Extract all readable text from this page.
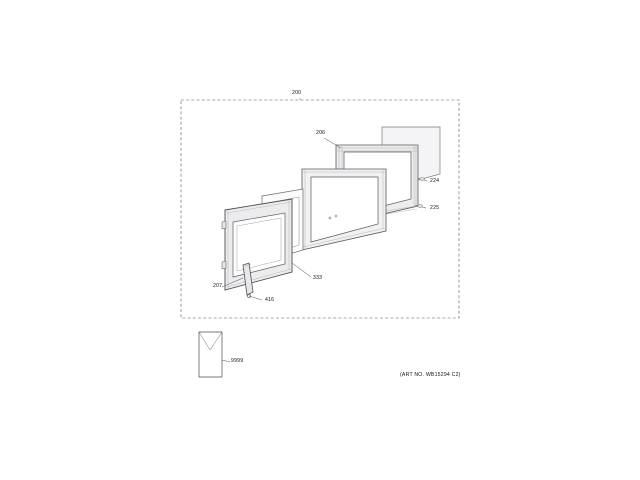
200
206
224
225
333
207
416
9999
(ART NO. WB15294 C2)
